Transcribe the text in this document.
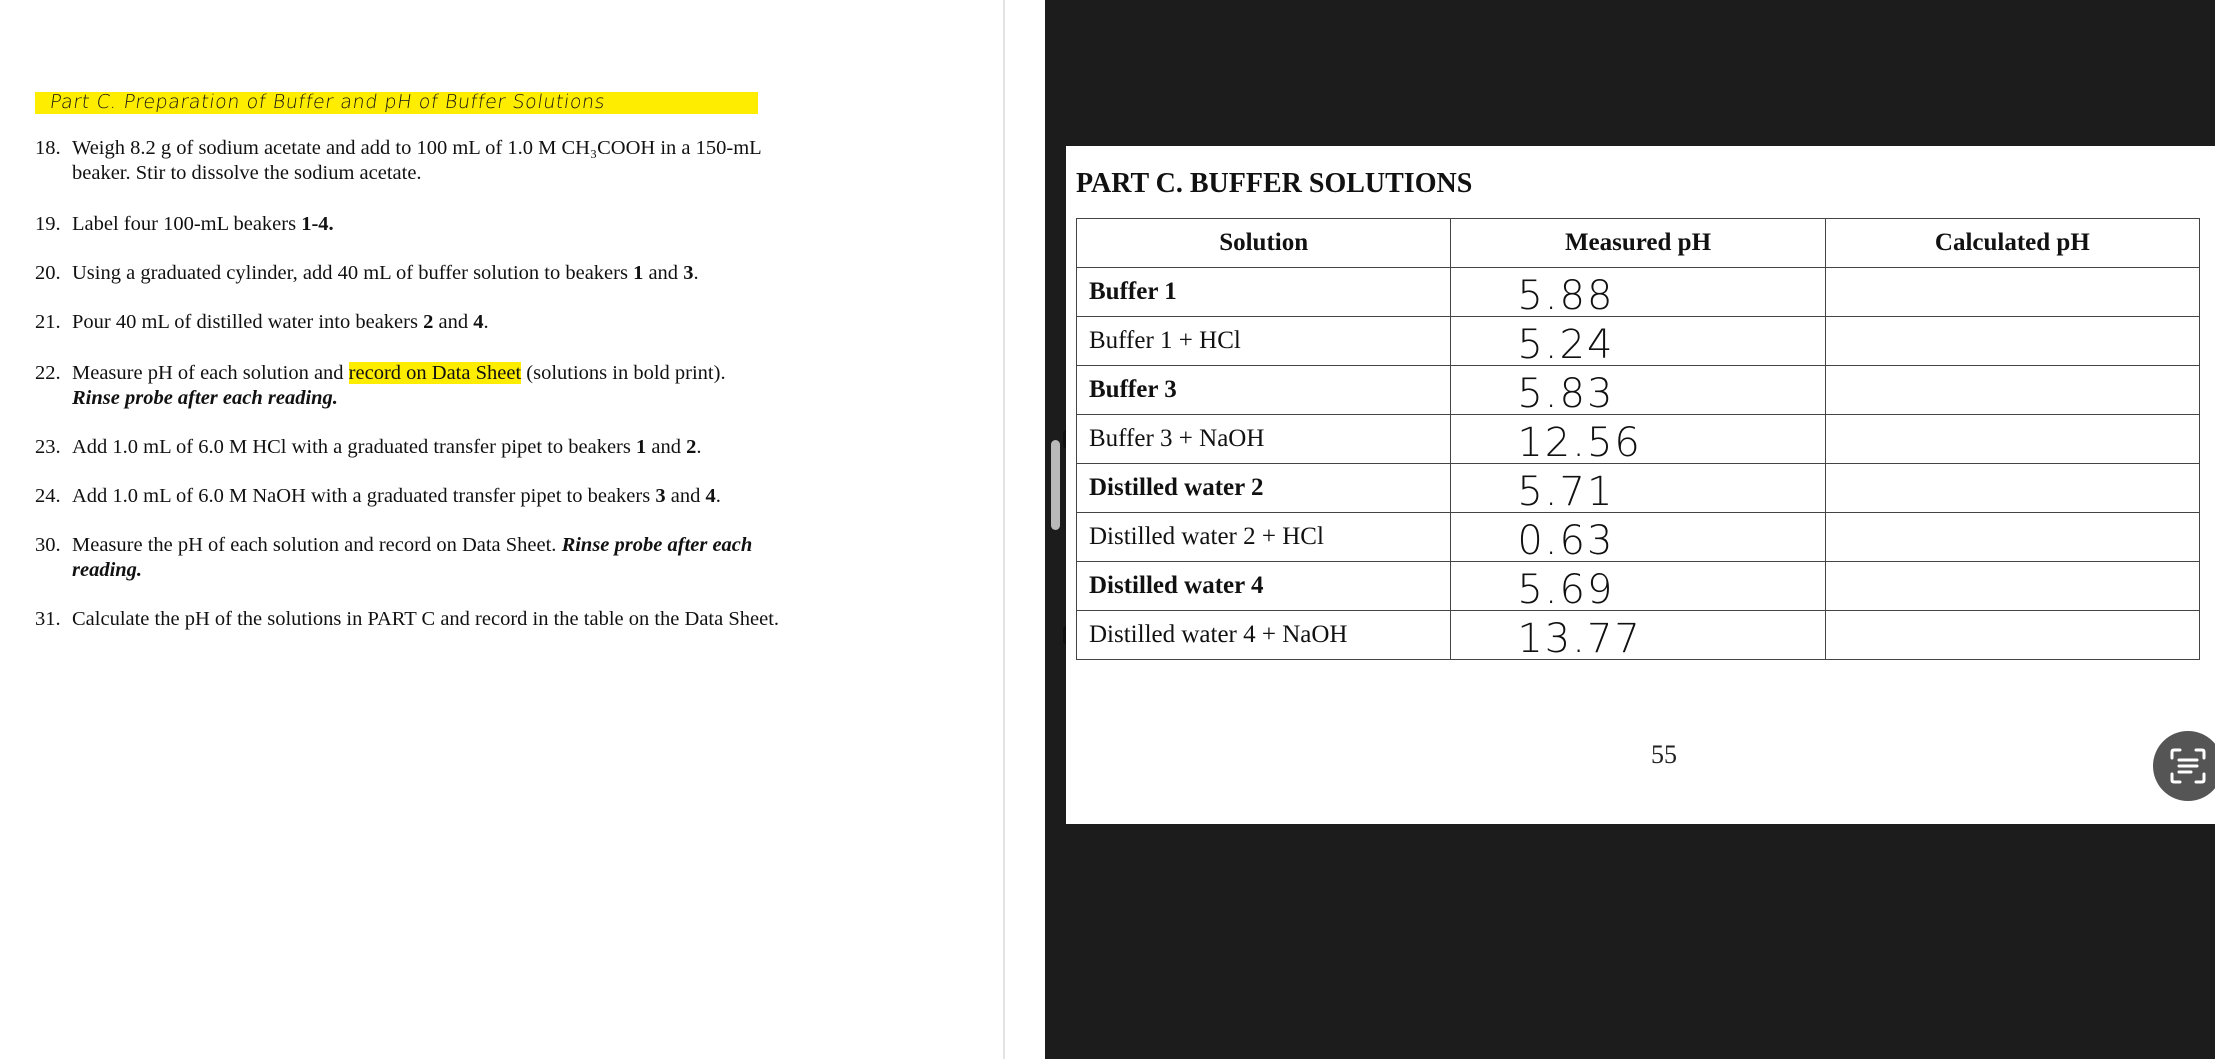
Part C. Preparation of Buffer and pH of Buffer Solutions
18. Weigh 8.2 g of sodium acetate and add to 100 mL of 1.0 M CH₃COOH in a 150-mL
beaker. Stir to dissolve the sodium acetate.
19. Label four 100-mL beakers 1-4.
20. Using a graduated cylinder, add 40 mL of buffer solution to beakers 1 and 3.
21. Pour 40 mL of distilled water into beakers 2 and 4.
22. Measure pH of each solution and record on Data Sheet (solutions in bold print).
Rinse probe after each reading.
23. Add 1.0 mL of 6.0 M HCl with a graduated transfer pipet to beakers 1 and 2.
24. Add 1.0 mL of 6.0 M NaOH with a graduated transfer pipet to beakers 3 and 4.
30. Measure the pH of each solution and record on Data Sheet. Rinse probe after each
reading.
31. Calculate the pH of the solutions in PART C and record in the table on the Data Sheet.
PART C. BUFFER SOLUTIONS
Solution	Measured pH	Calculated pH
Buffer 1	5.88	
Buffer 1 + HCl	5.24	
Buffer 3	5.83	
Buffer 3 + NaOH	12.56	
Distilled water 2	5.71	
Distilled water 2 + HCl	0.63	
Distilled water 4	5.69	
Distilled water 4 + NaOH	13.77	
55
